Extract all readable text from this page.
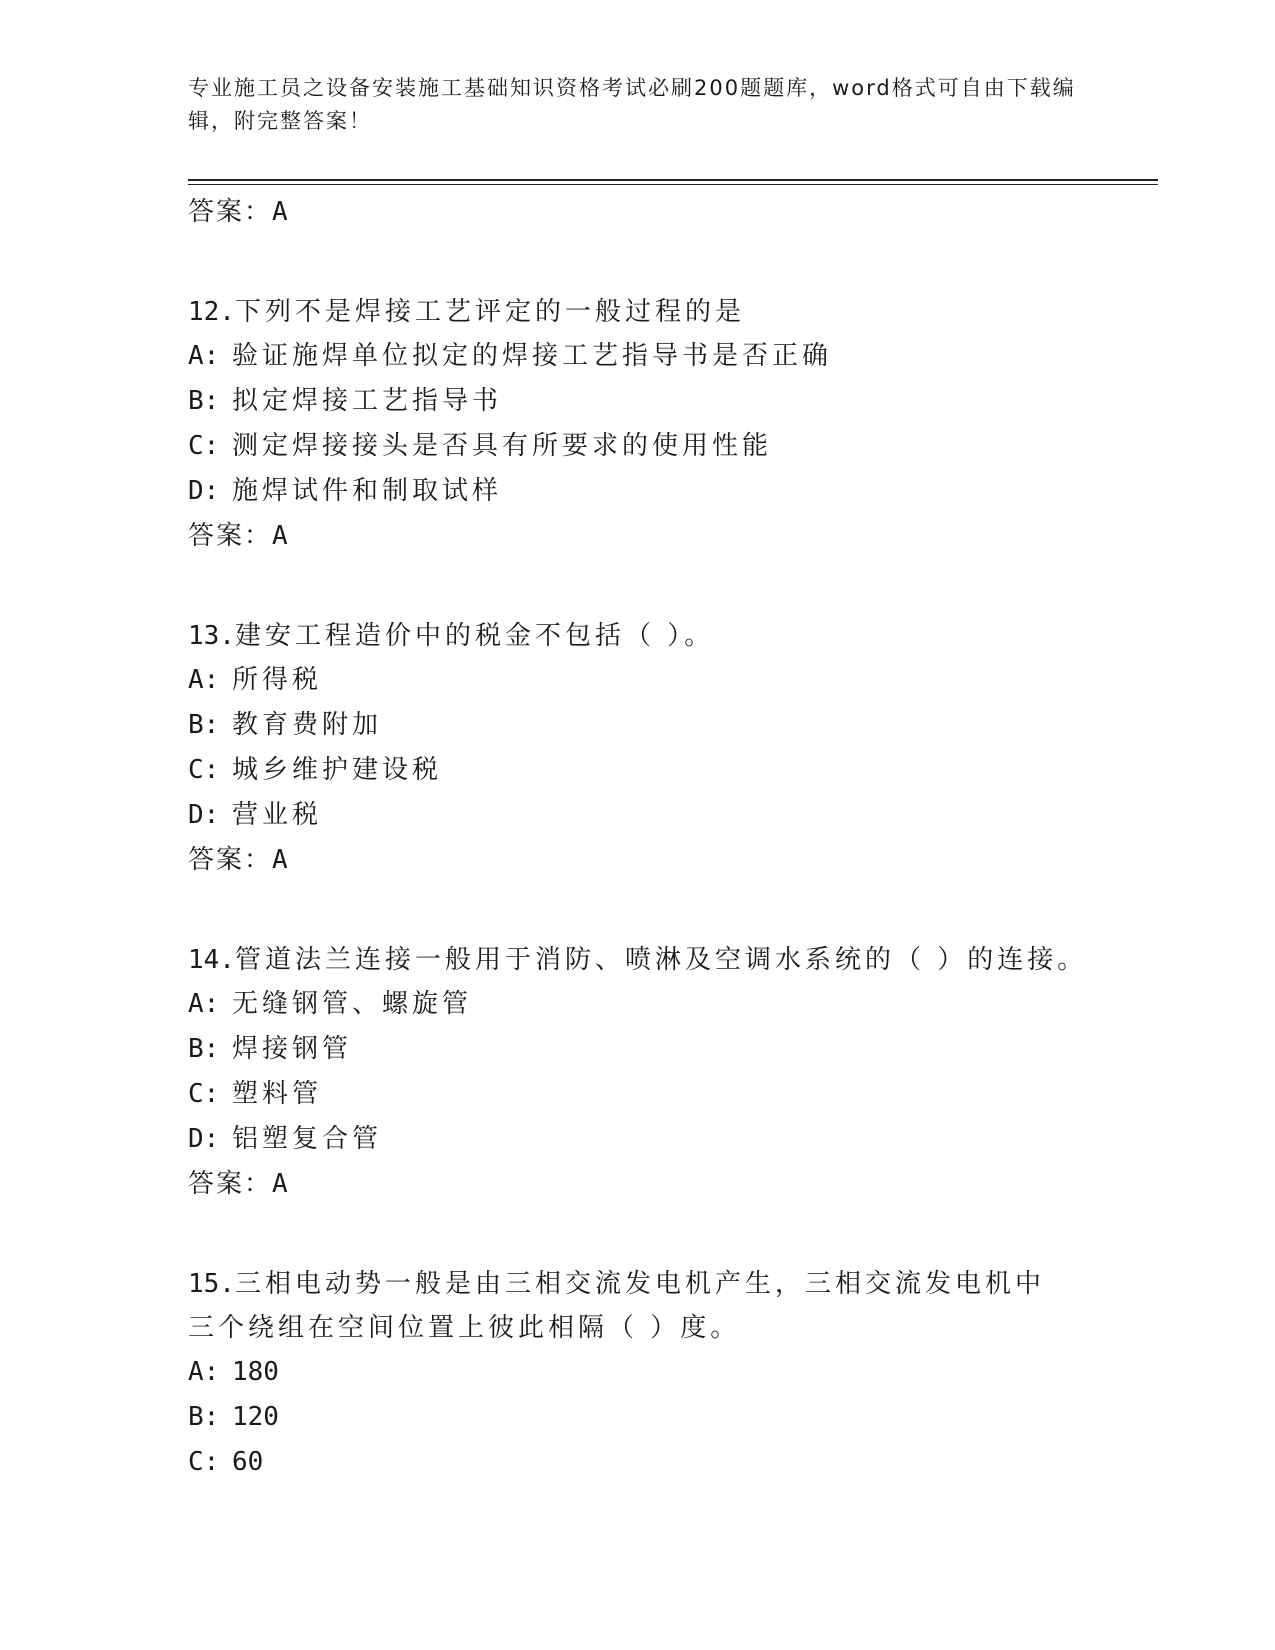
专业施工员之设备安装施工基础知识资格考试必刷200题题库，word格式可自由下载编辑，附完整答案！
答案：A
12.下列不是焊接工艺评定的一般过程的是
A: 验证施焊单位拟定的焊接工艺指导书是否正确
B: 拟定焊接工艺指导书
C: 测定焊接接头是否具有所要求的使用性能
D: 施焊试件和制取试样
答案：A
13.建安工程造价中的税金不包括（ ）。
A: 所得税
B: 教育费附加
C: 城乡维护建设税
D: 营业税
答案：A
14.管道法兰连接一般用于消防、喷淋及空调水系统的（ ）的连接。
A: 无缝钢管、螺旋管
B: 焊接钢管
C: 塑料管
D: 铝塑复合管
答案：A
15.三相电动势一般是由三相交流发电机产生，三相交流发电机中三个绕组在空间位置上彼此相隔（ ）度。
A: 180
B: 120
C: 60
